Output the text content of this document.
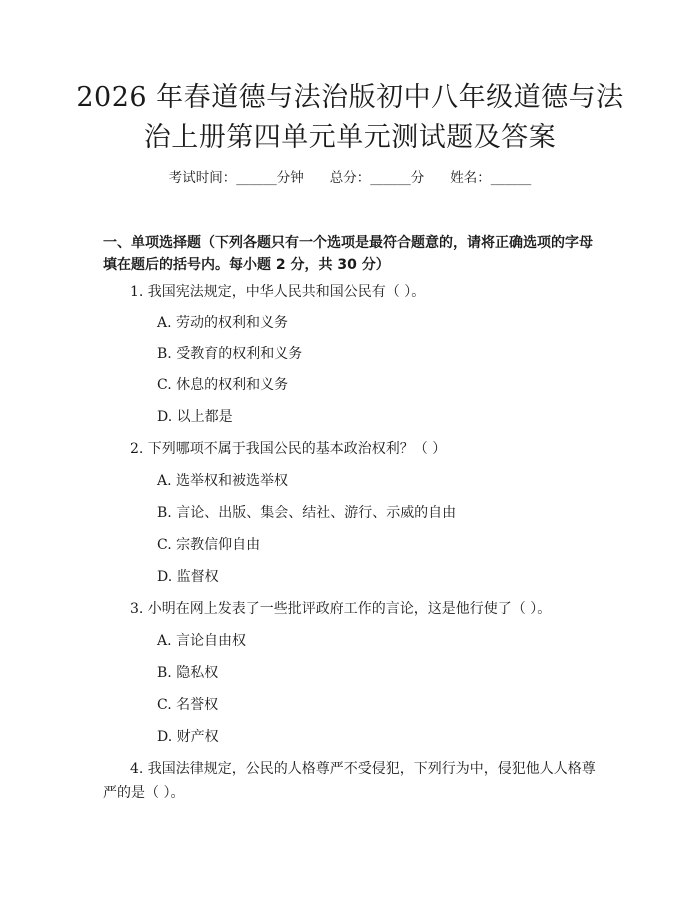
2026 年春道德与法治版初中八年级道德与法
治上册第四单元单元测试题及答案
考试时间：______分钟 总分：______分 姓名：______
一、单项选择题（下列各题只有一个选项是最符合题意的，请将正确选项的字母
填在题后的括号内。每小题 2 分，共 30 分）
1. 我国宪法规定，中华人民共和国公民有（ ）。
A. 劳动的权利和义务
B. 受教育的权利和义务
C. 休息的权利和义务
D. 以上都是
2. 下列哪项不属于我国公民的基本政治权利？（ ）
A. 选举权和被选举权
B. 言论、出版、集会、结社、游行、示威的自由
C. 宗教信仰自由
D. 监督权
3. 小明在网上发表了一些批评政府工作的言论，这是他行使了（ ）。
A. 言论自由权
B. 隐私权
C. 名誉权
D. 财产权
4. 我国法律规定，公民的人格尊严不受侵犯，下列行为中，侵犯他人人格尊严的是（ ）。
